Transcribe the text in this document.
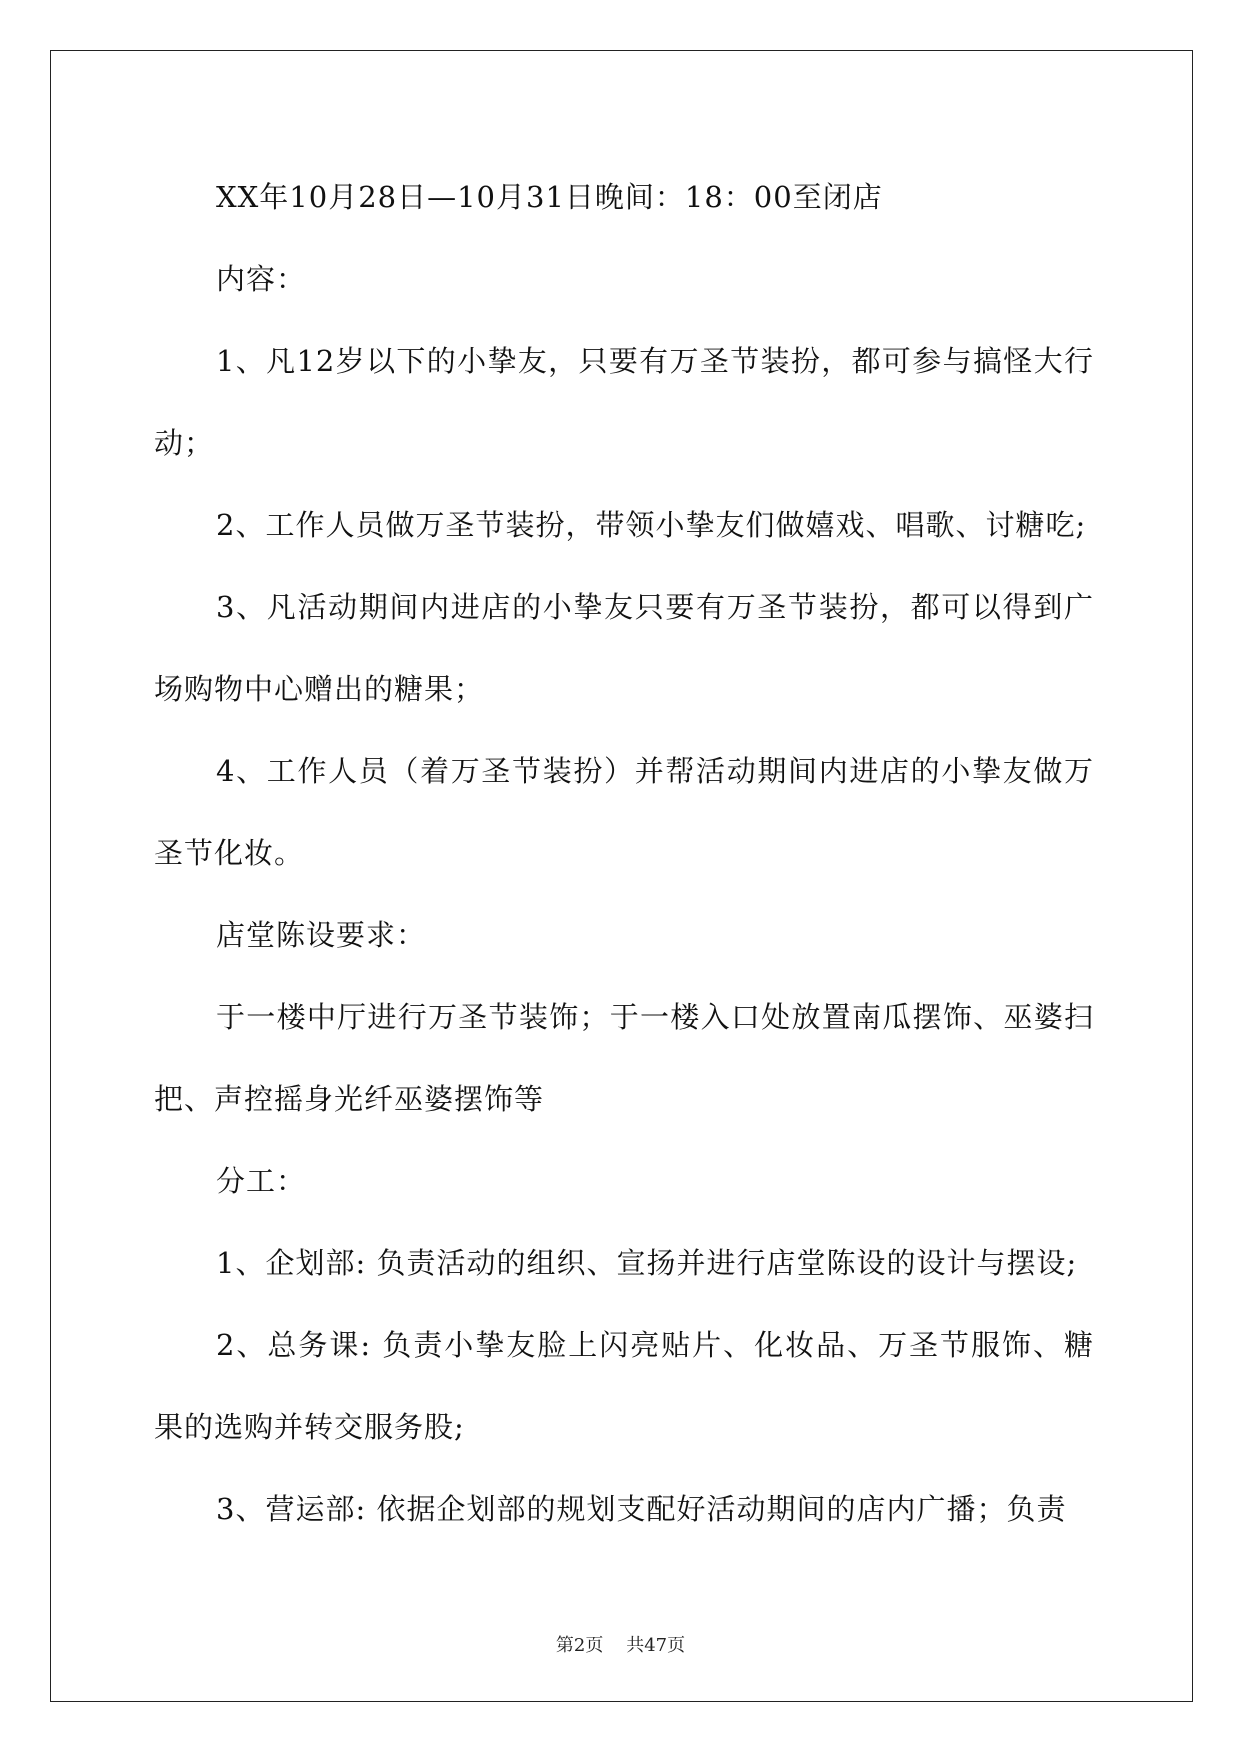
XX年10月28日—10月31日晚间：18：00至闭店

内容：

1、凡12岁以下的小挚友，只要有万圣节装扮，都可参与搞怪大行动；

2、工作人员做万圣节装扮，带领小挚友们做嬉戏、唱歌、讨糖吃;

3、凡活动期间内进店的小挚友只要有万圣节装扮，都可以得到广场购物中心赠出的糖果；

4、工作人员（着万圣节装扮）并帮活动期间内进店的小挚友做万圣节化妆。

店堂陈设要求：

于一楼中厅进行万圣节装饰；于一楼入口处放置南瓜摆饰、巫婆扫把、声控摇身光纤巫婆摆饰等

分工：

1、企划部: 负责活动的组织、宣扬并进行店堂陈设的设计与摆设;

2、总务课: 负责小挚友脸上闪亮贴片、化妆品、万圣节服饰、糖果的选购并转交服务股;

3、营运部: 依据企划部的规划支配好活动期间的店内广播；负责

第2页 共47页
